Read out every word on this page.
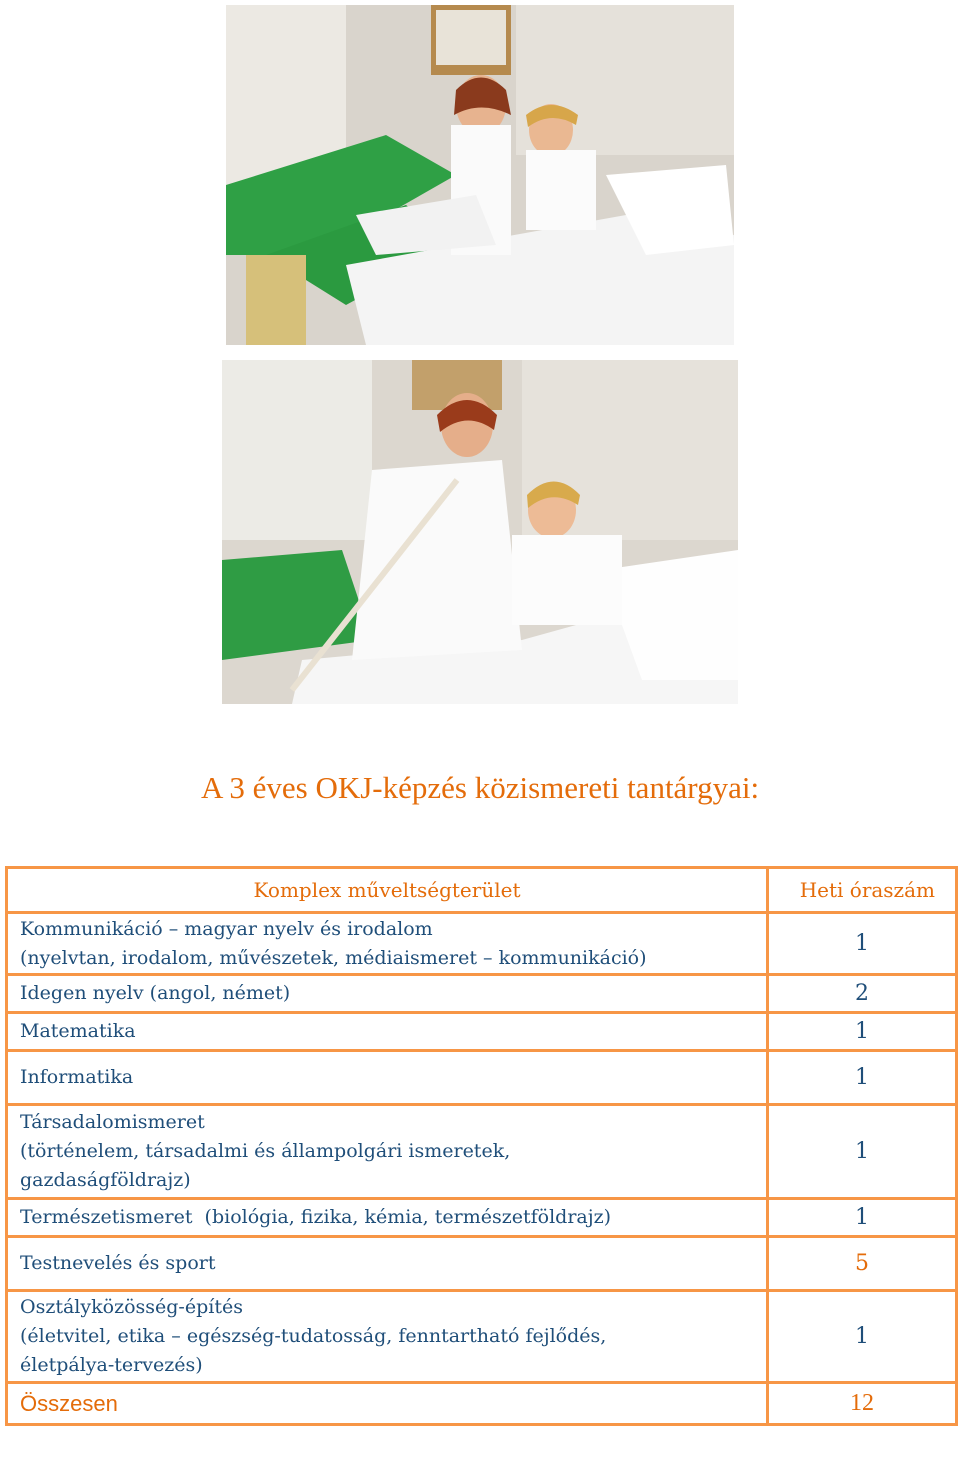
A 3 éves OKJ-képzés közismereti tantárgyai:
Komplex műveltségterület	Heti óraszám

Kommunikáció – magyar nyelv és irodalom
(nyelvtan, irodalom, művészetek, médiaismeret – kommunikáció)	1

Idegen nyelv (angol, német)	2

Matematika	1

Informatika	1

Társadalomismeret
(történelem, társadalmi és állampolgári ismeretek,
gazdaságföldrajz)	1

Természetismeret  (biológia, fizika, kémia, természetföldrajz)	1

Testnevelés és sport	5

Osztályközösség-építés
(életvitel, etika – egészség-tudatosság, fenntartható fejlődés,
életpálya-tervezés)	1
Összesen	12
